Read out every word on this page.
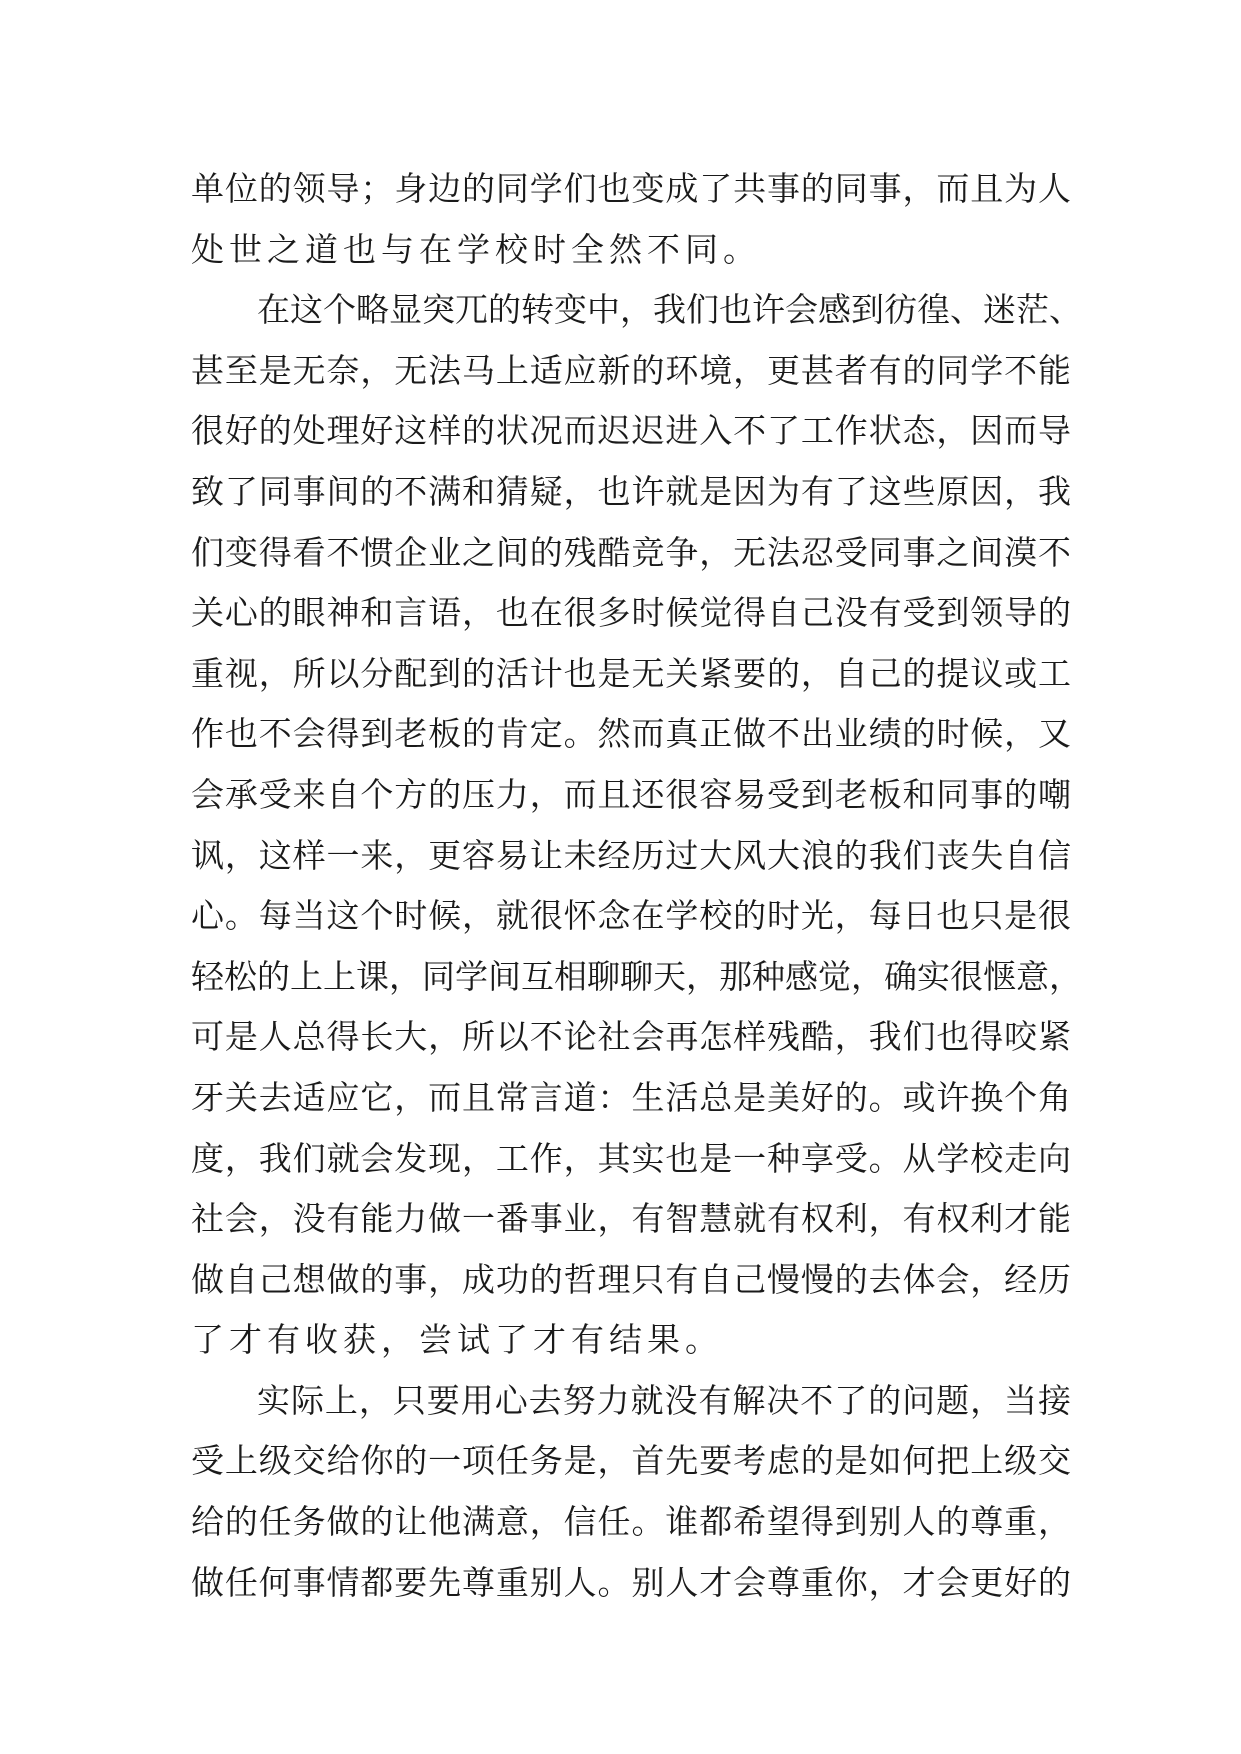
单位的领导；身边的同学们也变成了共事的同事，而且为人
处世之道也与在学校时全然不同。
在这个略显突兀的转变中，我们也许会感到彷徨、迷茫、
甚至是无奈，无法马上适应新的环境，更甚者有的同学不能
很好的处理好这样的状况而迟迟进入不了工作状态，因而导
致了同事间的不满和猜疑，也许就是因为有了这些原因，我
们变得看不惯企业之间的残酷竞争，无法忍受同事之间漠不
关心的眼神和言语，也在很多时候觉得自己没有受到领导的
重视，所以分配到的活计也是无关紧要的，自己的提议或工
作也不会得到老板的肯定。然而真正做不出业绩的时候，又
会承受来自个方的压力，而且还很容易受到老板和同事的嘲
讽，这样一来，更容易让未经历过大风大浪的我们丧失自信
心。每当这个时候，就很怀念在学校的时光，每日也只是很
轻松的上上课，同学间互相聊聊天，那种感觉，确实很惬意，
可是人总得长大，所以不论社会再怎样残酷，我们也得咬紧
牙关去适应它，而且常言道：生活总是美好的。或许换个角
度，我们就会发现，工作，其实也是一种享受。从学校走向
社会，没有能力做一番事业，有智慧就有权利，有权利才能
做自己想做的事，成功的哲理只有自己慢慢的去体会，经历
了才有收获，尝试了才有结果。
实际上，只要用心去努力就没有解决不了的问题，当接
受上级交给你的一项任务是，首先要考虑的是如何把上级交
给的任务做的让他满意，信任。谁都希望得到别人的尊重，
做任何事情都要先尊重别人。别人才会尊重你，才会更好的
